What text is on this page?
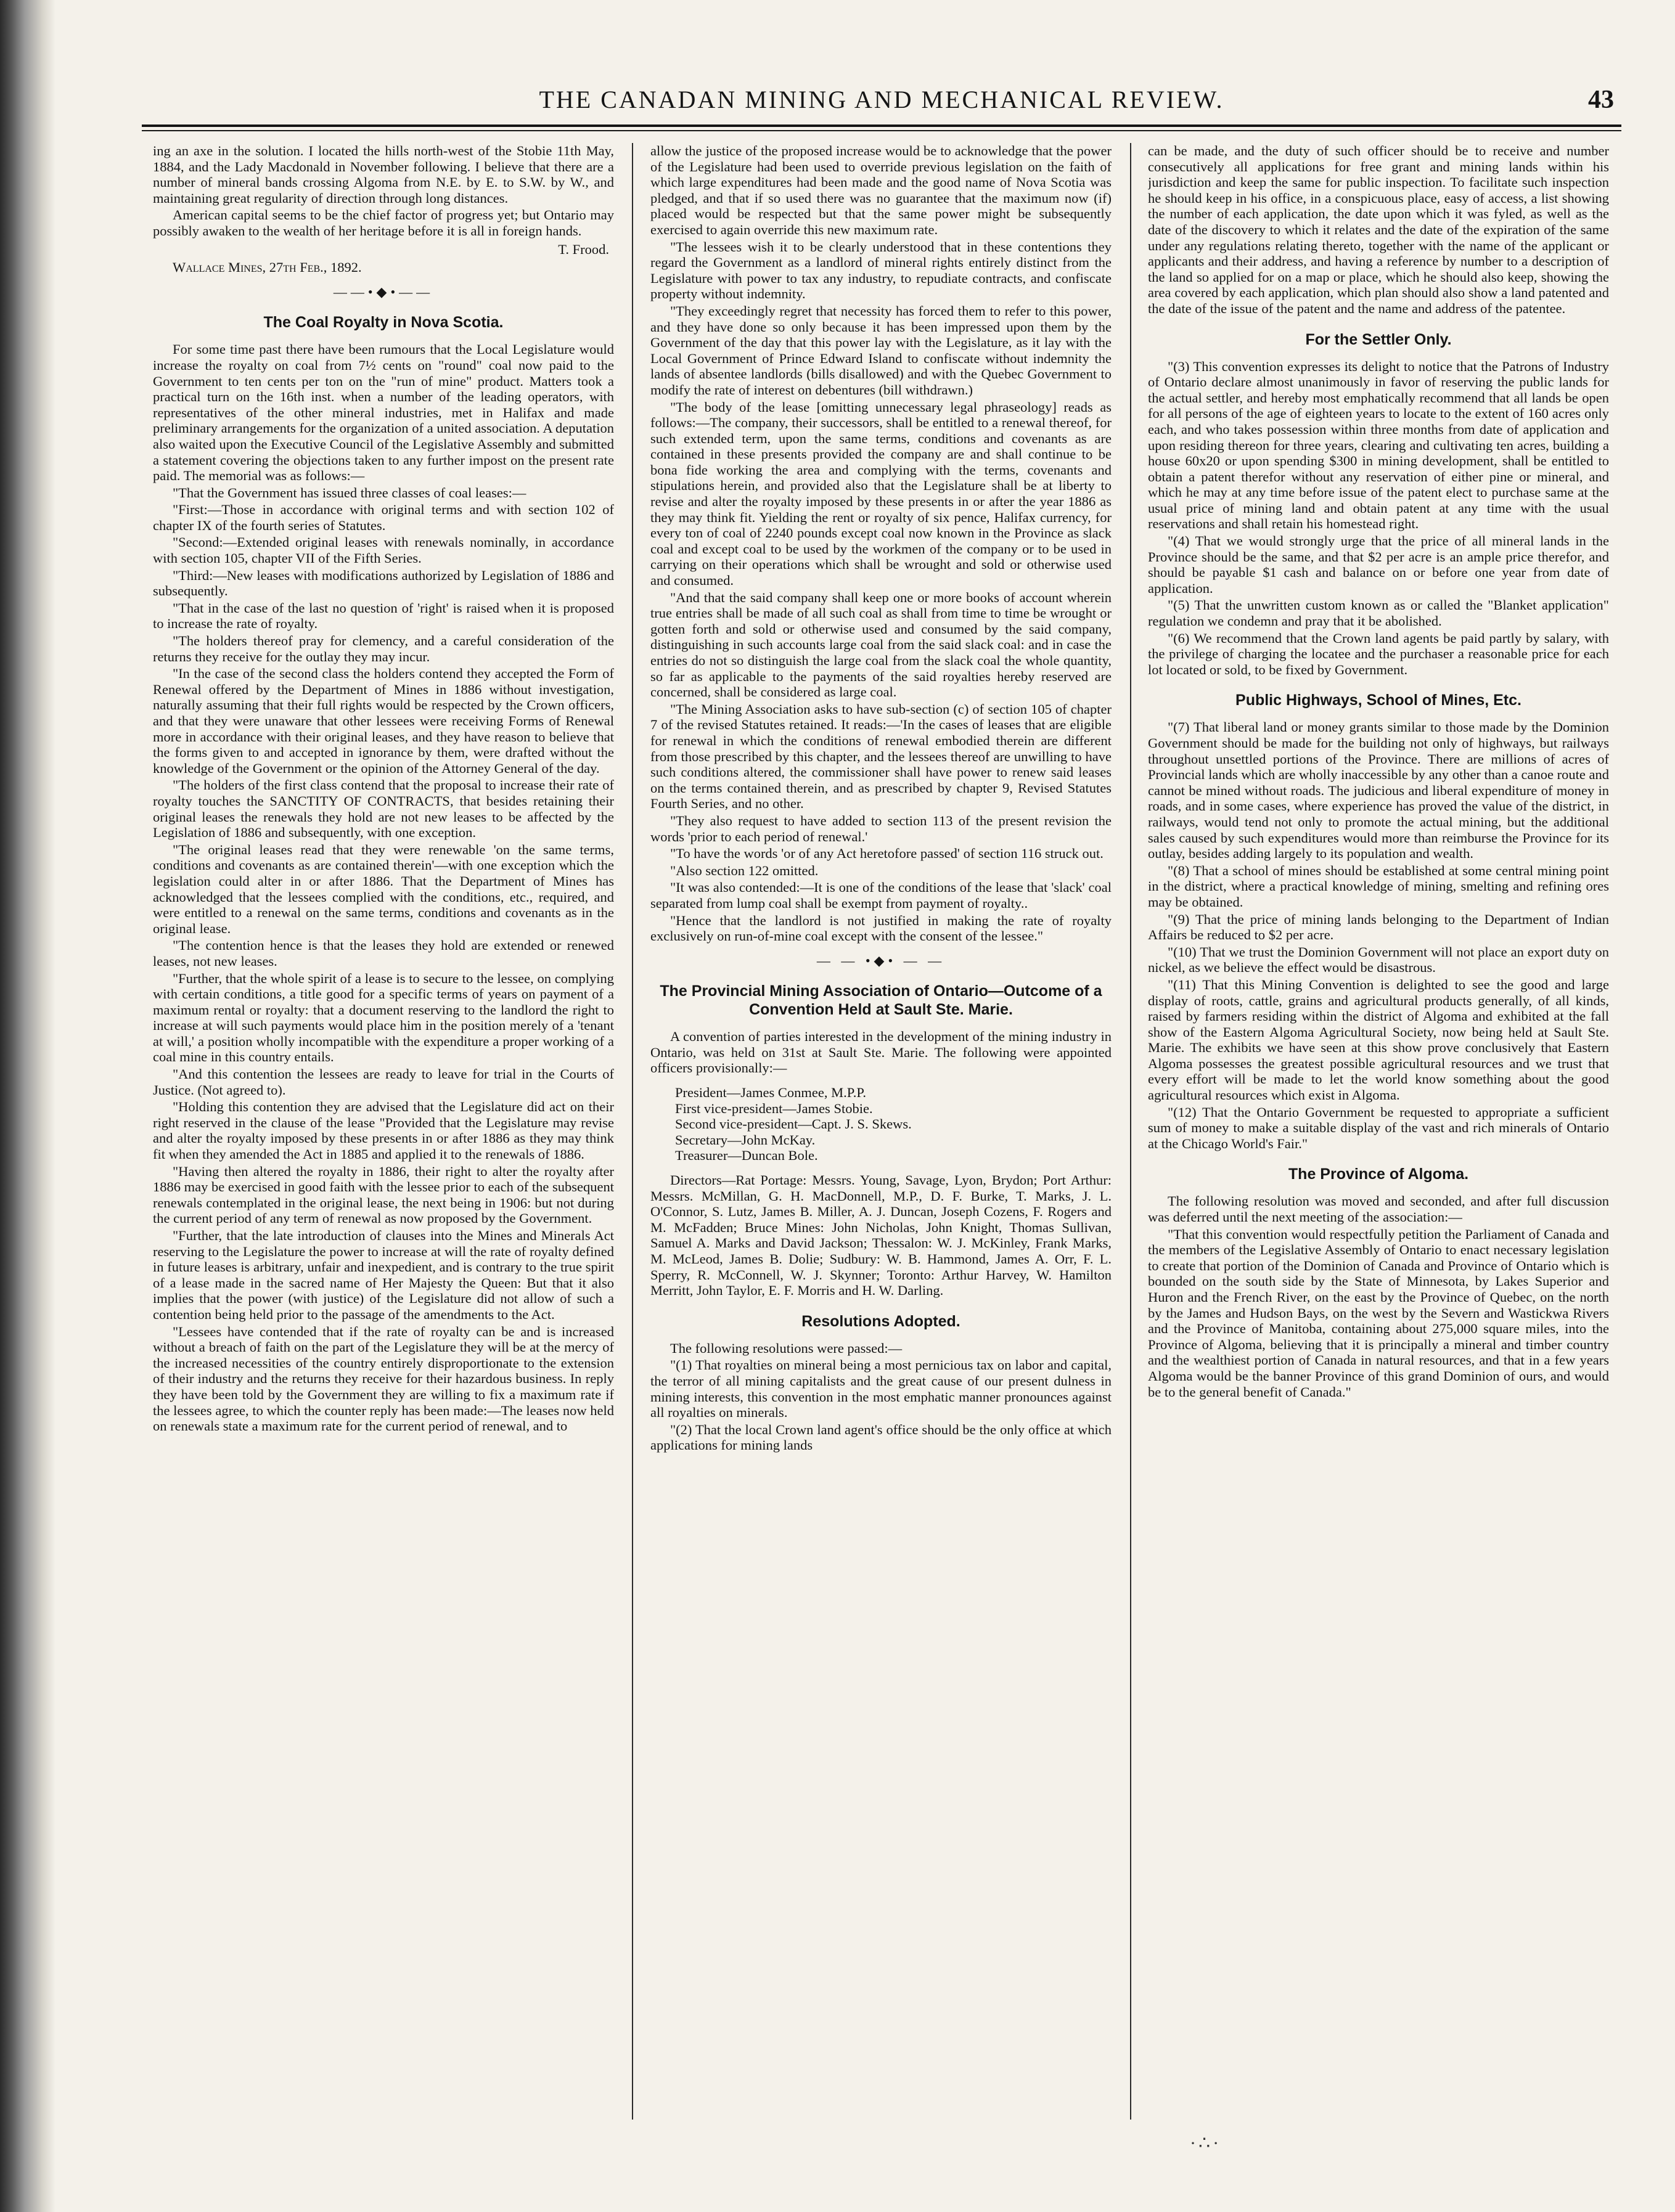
THE CANADAN MINING AND MECHANICAL REVIEW.	43

ing an axe in the solution. I located the hills north-west of the Stobie 11th May, 1884, and the Lady Macdonald in November following. I believe that there are a number of mineral bands crossing Algoma from N.E. by E. to S.W. by W., and maintaining great regularity of direction through long distances.

American capital seems to be the chief factor of progress yet; but Ontario may possibly awaken to the wealth of her heritage before it is all in foreign hands.

T. Frood.

Wallace Mines, 27th Feb., 1892.

——•◆•——
The Coal Royalty in Nova Scotia.

For some time past there have been rumours that the Local Legislature would increase the royalty on coal from 7½ cents on "round" coal now paid to the Government to ten cents per ton on the "run of mine" product. Matters took a practical turn on the 16th inst. when a number of the leading operators, with representatives of the other mineral industries, met in Halifax and made preliminary arrangements for the organization of a united association. A deputation also waited upon the Executive Council of the Legislative Assembly and submitted a statement covering the objections taken to any further impost on the present rate paid. The memorial was as follows:—

"That the Government has issued three classes of coal leases:—

"First:—Those in accordance with original terms and with section 102 of chapter IX of the fourth series of Statutes.

"Second:—Extended original leases with renewals nominally, in accordance with section 105, chapter VII of the Fifth Series.

"Third:—New leases with modifications authorized by Legislation of 1886 and subsequently.

"That in the case of the last no question of 'right' is raised when it is proposed to increase the rate of royalty.

"The holders thereof pray for clemency, and a careful consideration of the returns they receive for the outlay they may incur.

"In the case of the second class the holders contend they accepted the Form of Renewal offered by the Department of Mines in 1886 without investigation, naturally assuming that their full rights would be respected by the Crown officers, and that they were unaware that other lessees were receiving Forms of Renewal more in accordance with their original leases, and they have reason to believe that the forms given to and accepted in ignorance by them, were drafted without the knowledge of the Government or the opinion of the Attorney General of the day.

"The holders of the first class contend that the proposal to increase their rate of royalty touches the SANCTITY OF CONTRACTS, that besides retaining their original leases the renewals they hold are not new leases to be affected by the Legislation of 1886 and subsequently, with one exception.

"The original leases read that they were renewable 'on the same terms, conditions and covenants as are contained therein'—with one exception which the legislation could alter in or after 1886. That the Department of Mines has acknowledged that the lessees complied with the conditions, etc., required, and were entitled to a renewal on the same terms, conditions and covenants as in the original lease.

"The contention hence is that the leases they hold are extended or renewed leases, not new leases.

"Further, that the whole spirit of a lease is to secure to the lessee, on complying with certain conditions, a title good for a specific terms of years on payment of a maximum rental or royalty: that a document reserving to the landlord the right to increase at will such payments would place him in the position merely of a 'tenant at will,' a position wholly incompatible with the expenditure a proper working of a coal mine in this country entails.

"And this contention the lessees are ready to leave for trial in the Courts of Justice. (Not agreed to).

"Holding this contention they are advised that the Legislature did act on their right reserved in the clause of the lease "Provided that the Legislature may revise and alter the royalty imposed by these presents in or after 1886 as they may think fit when they amended the Act in 1885 and applied it to the renewals of 1886.

"Having then altered the royalty in 1886, their right to alter the royalty after 1886 may be exercised in good faith with the lessee prior to each of the subsequent renewals contemplated in the original lease, the next being in 1906: but not during the current period of any term of renewal as now proposed by the Government.

"Further, that the late introduction of clauses into the Mines and Minerals Act reserving to the Legislature the power to increase at will the rate of royalty defined in future leases is arbitrary, unfair and inexpedient, and is contrary to the true spirit of a lease made in the sacred name of Her Majesty the Queen: But that it also implies that the power (with justice) of the Legislature did not allow of such a contention being held prior to the passage of the amendments to the Act.

"Lessees have contended that if the rate of royalty can be and is increased without a breach of faith on the part of the Legislature they will be at the mercy of the increased necessities of the country entirely disproportionate to the extension of their industry and the returns they receive for their hazardous business. In reply they have been told by the Government they are willing to fix a maximum rate if the lessees agree, to which the counter reply has been made:—The leases now held on renewals state a maximum rate for the current period of renewal, and to

allow the justice of the proposed increase would be to acknowledge that the power of the Legislature had been used to override previous legislation on the faith of which large expenditures had been made and the good name of Nova Scotia was pledged, and that if so used there was no guarantee that the maximum now (if) placed would be respected but that the same power might be subsequently exercised to again override this new maximum rate.

"The lessees wish it to be clearly understood that in these contentions they regard the Government as a landlord of mineral rights entirely distinct from the Legislature with power to tax any industry, to repudiate contracts, and confiscate property without indemnity.

"They exceedingly regret that necessity has forced them to refer to this power, and they have done so only because it has been impressed upon them by the Government of the day that this power lay with the Legislature, as it lay with the Local Government of Prince Edward Island to confiscate without indemnity the lands of absentee landlords (bills disallowed) and with the Quebec Government to modify the rate of interest on debentures (bill withdrawn.)

"The body of the lease [omitting unnecessary legal phraseology] reads as follows:—The company, their successors, shall be entitled to a renewal thereof, for such extended term, upon the same terms, conditions and covenants as are contained in these presents provided the company are and shall continue to be bona fide working the area and complying with the terms, covenants and stipulations herein, and provided also that the Legislature shall be at liberty to revise and alter the royalty imposed by these presents in or after the year 1886 as they may think fit. Yielding the rent or royalty of six pence, Halifax currency, for every ton of coal of 2240 pounds except coal now known in the Province as slack coal and except coal to be used by the workmen of the company or to be used in carrying on their operations which shall be wrought and sold or otherwise used and consumed.

"And that the said company shall keep one or more books of account wherein true entries shall be made of all such coal as shall from time to time be wrought or gotten forth and sold or otherwise used and consumed by the said company, distinguishing in such accounts large coal from the said slack coal: and in case the entries do not so distinguish the large coal from the slack coal the whole quantity, so far as applicable to the payments of the said royalties hereby reserved are concerned, shall be considered as large coal.

"The Mining Association asks to have sub-section (c) of section 105 of chapter 7 of the revised Statutes retained. It reads:—'In the cases of leases that are eligible for renewal in which the conditions of renewal embodied therein are different from those prescribed by this chapter, and the lessees thereof are unwilling to have such conditions altered, the commissioner shall have power to renew said leases on the terms contained therein, and as prescribed by chapter 9, Revised Statutes Fourth Series, and no other.

"They also request to have added to section 113 of the present revision the words 'prior to each period of renewal.'

"To have the words 'or of any Act heretofore passed' of section 116 struck out.

"Also section 122 omitted.

"It was also contended:—It is one of the conditions of the lease that 'slack' coal separated from lump coal shall be exempt from payment of royalty..

"Hence that the landlord is not justified in making the rate of royalty exclusively on run-of-mine coal except with the consent of the lessee."

— — •◆• — —
The Provincial Mining Association of Ontario—Outcome of a Convention Held at Sault Ste. Marie.

A convention of parties interested in the development of the mining industry in Ontario, was held on 31st at Sault Ste. Marie. The following were appointed officers provisionally:—

President—James Conmee, M.P.P.

First vice-president—James Stobie.

Second vice-president—Capt. J. S. Skews.

Secretary—John McKay.

Treasurer—Duncan Bole.

Directors—Rat Portage: Messrs. Young, Savage, Lyon, Brydon; Port Arthur: Messrs. McMillan, G. H. MacDonnell, M.P., D. F. Burke, T. Marks, J. L. O'Connor, S. Lutz, James B. Miller, A. J. Duncan, Joseph Cozens, F. Rogers and M. McFadden; Bruce Mines: John Nicholas, John Knight, Thomas Sullivan, Samuel A. Marks and David Jackson; Thessalon: W. J. McKinley, Frank Marks, M. McLeod, James B. Dolie; Sudbury: W. B. Hammond, James A. Orr, F. L. Sperry, R. McConnell, W. J. Skynner; Toronto: Arthur Harvey, W. Hamilton Merritt, John Taylor, E. F. Morris and H. W. Darling.

Resolutions Adopted.

The following resolutions were passed:—

"(1) That royalties on mineral being a most pernicious tax on labor and capital, the terror of all mining capitalists and the great cause of our present dulness in mining interests, this convention in the most emphatic manner pronounces against all royalties on minerals.

"(2) That the local Crown land agent's office should be the only office at which applications for mining lands

can be made, and the duty of such officer should be to receive and number consecutively all applications for free grant and mining lands within his jurisdiction and keep the same for public inspection. To facilitate such inspection he should keep in his office, in a conspicuous place, easy of access, a list showing the number of each application, the date upon which it was fyled, as well as the date of the discovery to which it relates and the date of the expiration of the same under any regulations relating thereto, together with the name of the applicant or applicants and their address, and having a reference by number to a description of the land so applied for on a map or place, which he should also keep, showing the area covered by each application, which plan should also show a land patented and the date of the issue of the patent and the name and address of the patentee.

For the Settler Only.

"(3) This convention expresses its delight to notice that the Patrons of Industry of Ontario declare almost unanimously in favor of reserving the public lands for the actual settler, and hereby most emphatically recommend that all lands be open for all persons of the age of eighteen years to locate to the extent of 160 acres only each, and who takes possession within three months from date of application and upon residing thereon for three years, clearing and cultivating ten acres, building a house 60x20 or upon spending $300 in mining development, shall be entitled to obtain a patent therefor without any reservation of either pine or mineral, and which he may at any time before issue of the patent elect to purchase same at the usual price of mining land and obtain patent at any time with the usual reservations and shall retain his homestead right.

"(4) That we would strongly urge that the price of all mineral lands in the Province should be the same, and that $2 per acre is an ample price therefor, and should be payable $1 cash and balance on or before one year from date of application.

"(5) That the unwritten custom known as or called the "Blanket application" regulation we condemn and pray that it be abolished.

"(6) We recommend that the Crown land agents be paid partly by salary, with the privilege of charging the locatee and the purchaser a reasonable price for each lot located or sold, to be fixed by Government.

Public Highways, School of Mines, Etc.

"(7) That liberal land or money grants similar to those made by the Dominion Government should be made for the building not only of highways, but railways throughout unsettled portions of the Province. There are millions of acres of Provincial lands which are wholly inaccessible by any other than a canoe route and cannot be mined without roads. The judicious and liberal expenditure of money in roads, and in some cases, where experience has proved the value of the district, in railways, would tend not only to promote the actual mining, but the additional sales caused by such expenditures would more than reimburse the Province for its outlay, besides adding largely to its population and wealth.

"(8) That a school of mines should be established at some central mining point in the district, where a practical knowledge of mining, smelting and refining ores may be obtained.

"(9) That the price of mining lands belonging to the Department of Indian Affairs be reduced to $2 per acre.

"(10) That we trust the Dominion Government will not place an export duty on nickel, as we believe the effect would be disastrous.

"(11) That this Mining Convention is delighted to see the good and large display of roots, cattle, grains and agricultural products generally, of all kinds, raised by farmers residing within the district of Algoma and exhibited at the fall show of the Eastern Algoma Agricultural Society, now being held at Sault Ste. Marie. The exhibits we have seen at this show prove conclusively that Eastern Algoma possesses the greatest possible agricultural resources and we trust that every effort will be made to let the world know something about the good agricultural resources which exist in Algoma.

"(12) That the Ontario Government be requested to appropriate a sufficient sum of money to make a suitable display of the vast and rich minerals of Ontario at the Chicago World's Fair."

The Province of Algoma.

The following resolution was moved and seconded, and after full discussion was deferred until the next meeting of the association:—

"That this convention would respectfully petition the Parliament of Canada and the members of the Legislative Assembly of Ontario to enact necessary legislation to create that portion of the Dominion of Canada and Province of Ontario which is bounded on the south side by the State of Minnesota, by Lakes Superior and Huron and the French River, on the east by the Province of Quebec, on the north by the James and Hudson Bays, on the west by the Severn and Wastickwa Rivers and the Province of Manitoba, containing about 275,000 square miles, into the Province of Algoma, believing that it is principally a mineral and timber country and the wealthiest portion of Canada in natural resources, and that in a few years Algoma would be the banner Province of this grand Dominion of ours, and would be to the general benefit of Canada."

·∴·
